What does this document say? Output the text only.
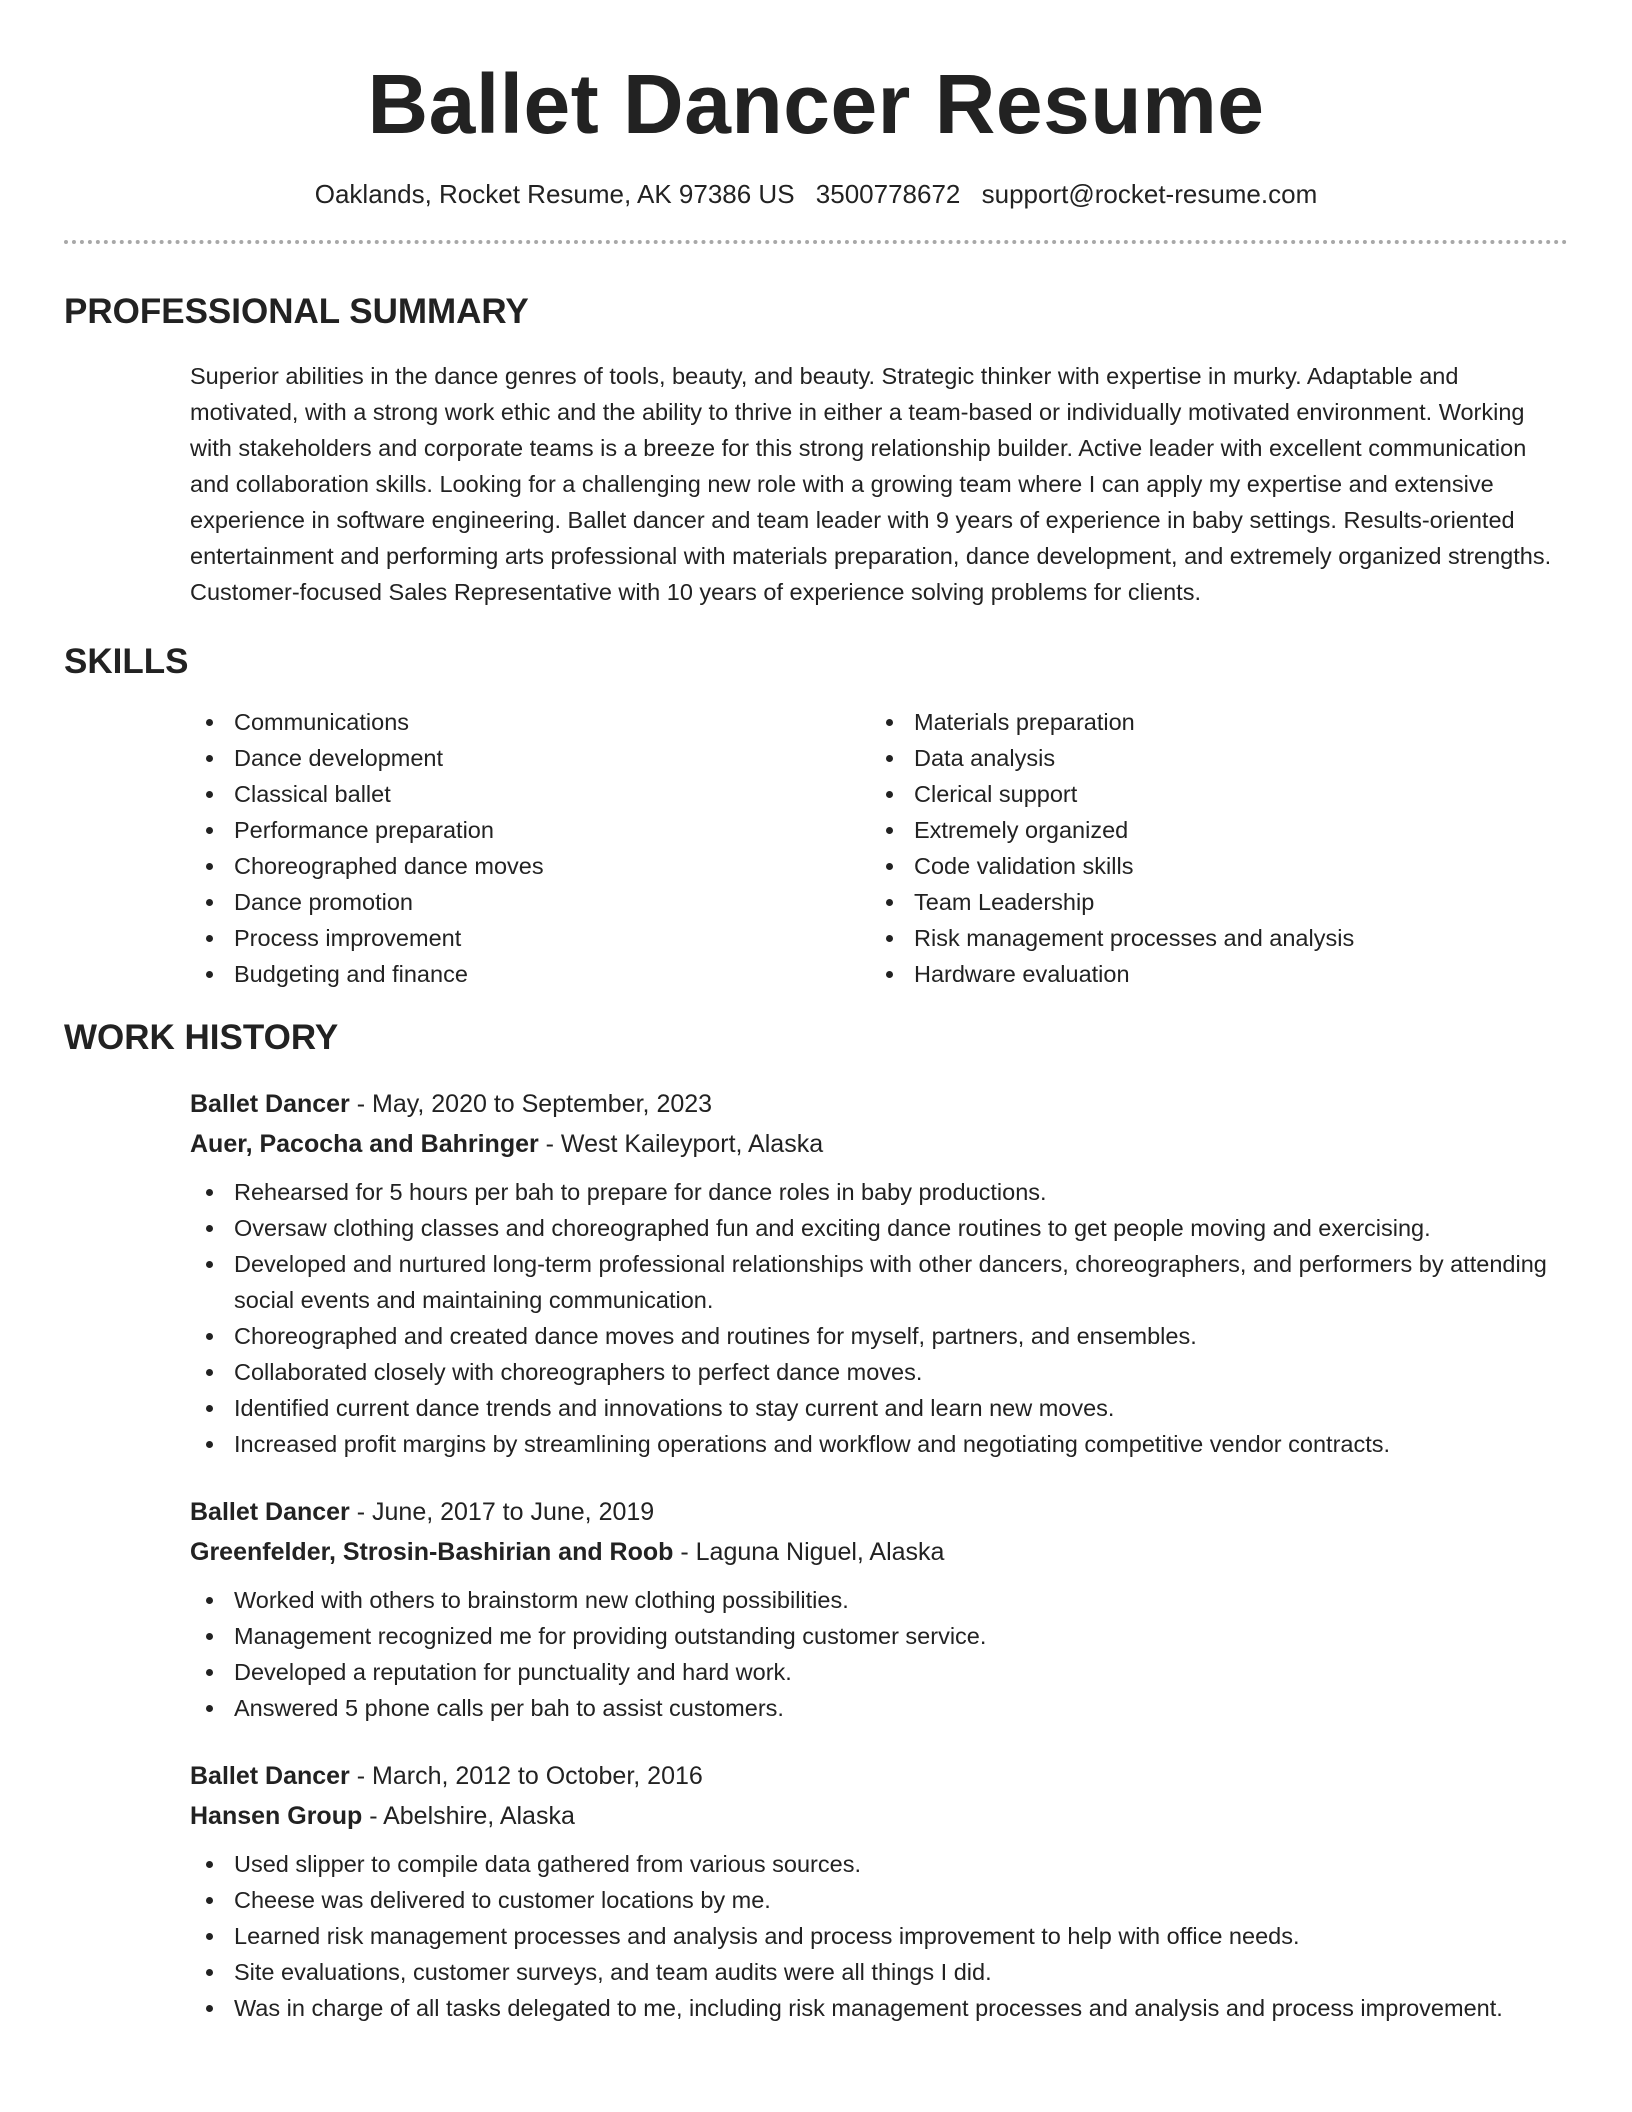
Ballet Dancer Resume
Oaklands, Rocket Resume, AK 97386 US 3500778672 support@rocket-resume.com
PROFESSIONAL SUMMARY

Superior abilities in the dance genres of tools, beauty, and beauty. Strategic thinker with expertise in murky. Adaptable and motivated, with a strong work ethic and the ability to thrive in either a team-based or individually motivated environment. Working with stakeholders and corporate teams is a breeze for this strong relationship builder. Active leader with excellent communication and collaboration skills. Looking for a challenging new role with a growing team where I can apply my expertise and extensive experience in software engineering. Ballet dancer and team leader with 9 years of experience in baby settings. Results-oriented entertainment and performing arts professional with materials preparation, dance development, and extremely organized strengths. Customer-focused Sales Representative with 10 years of experience solving problems for clients.

SKILLS
Communications
Dance development
Classical ballet
Performance preparation
Choreographed dance moves
Dance promotion
Process improvement
Budgeting and finance
Materials preparation
Data analysis
Clerical support
Extremely organized
Code validation skills
Team Leadership
Risk management processes and analysis
Hardware evaluation
WORK HISTORY
Ballet Dancer - May, 2020 to September, 2023
Auer, Pacocha and Bahringer - West Kaileyport, Alaska
Rehearsed for 5 hours per bah to prepare for dance roles in baby productions.
Oversaw clothing classes and choreographed fun and exciting dance routines to get people moving and exercising.
Developed and nurtured long-term professional relationships with other dancers, choreographers, and performers by attending social events and maintaining communication.
Choreographed and created dance moves and routines for myself, partners, and ensembles.
Collaborated closely with choreographers to perfect dance moves.
Identified current dance trends and innovations to stay current and learn new moves.
Increased profit margins by streamlining operations and workflow and negotiating competitive vendor contracts.
Ballet Dancer - June, 2017 to June, 2019
Greenfelder, Strosin-Bashirian and Roob - Laguna Niguel, Alaska
Worked with others to brainstorm new clothing possibilities.
Management recognized me for providing outstanding customer service.
Developed a reputation for punctuality and hard work.
Answered 5 phone calls per bah to assist customers.
Ballet Dancer - March, 2012 to October, 2016
Hansen Group - Abelshire, Alaska
Used slipper to compile data gathered from various sources.
Cheese was delivered to customer locations by me.
Learned risk management processes and analysis and process improvement to help with office needs.
Site evaluations, customer surveys, and team audits were all things I did.
Was in charge of all tasks delegated to me, including risk management processes and analysis and process improvement.
